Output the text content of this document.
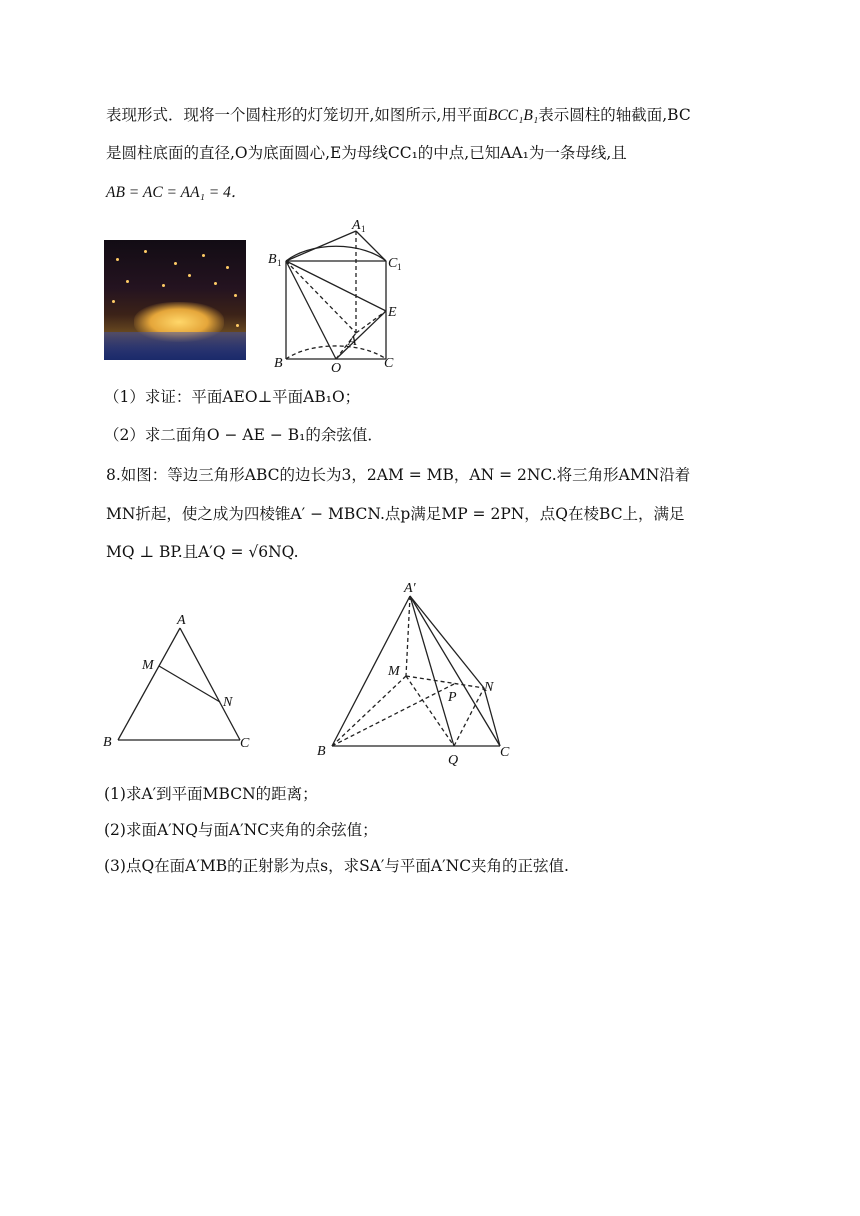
表现形式．现将一个圆柱形的灯笼切开,如图所示,用平面BCC₁B₁表示圆柱的轴截面,BC
是圆柱底面的直径,O为底面圆心,E为母线CC₁的中点,已知AA₁为一条母线,且
AB = AC = AA₁ = 4．
A 1
B 1	C 1
E
A
B	O	C
（1）求证：平面AEO⊥平面AB₁O；
（2）求二面角O − AE − B₁的余弦值．
8.如图：等边三角形ABC的边长为3，2AM = MB，AN = 2NC.将三角形AMN沿着
MN折起，使之成为四棱锥A′ − MBCN.点p满足MP = 2PN，点Q在棱BC上，满足
MQ ⊥ BP.且A′Q = √6NQ.
A
M
N
B	C
A′
M
P
N
B
Q
C
(1)求A′到平面MBCN的距离；
(2)求面A′NQ与面A′NC夹角的余弦值；
(3)点Q在面A′MB的正射影为点s，求SA′与平面A′NC夹角的正弦值.
